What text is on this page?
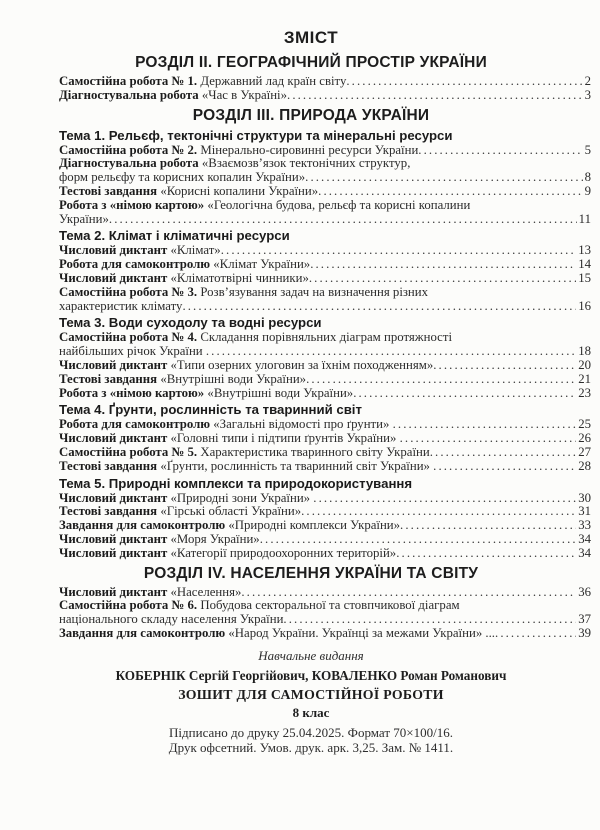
ЗМІСТ
РОЗДІЛ II. ГЕОГРАФІЧНИЙ ПРОСТІР УКРАЇНИ
Самостійна робота № 1. Державний лад країн світу .....	2
Діагностувальна робота «Час в Україні» .....	3
РОЗДІЛ III. ПРИРОДА УКРАЇНИ
Тема 1. Рельєф, тектонічні структури та мінеральні ресурси
Самостійна робота № 2. Мінерально-сировинні ресурси України .....	5
Діагностувальна робота «Взаємозв’язок тектонічних структур,
форм рельєфу та корисних копалин України» .....	8
Тестові завдання «Корисні копалини України» .....	9
Робота з «німою картою» «Геологічна будова, рельєф та корисні копалини
України» .....	11
Тема 2. Клімат і кліматичні ресурси
Числовий диктант «Клімат» .....	13
Робота для самоконтролю «Клімат України» .....	14
Числовий диктант «Кліматотвірні чинники» .....	15
Самостійна робота № 3. Розв’язування задач на визначення різних
характеристик клімату .....	16
Тема 3. Води суходолу та водні ресурси
Самостійна робота № 4. Складання порівняльних діаграм протяжності
найбільших річок України .....	18
Числовий диктант «Типи озерних улоговин за їхнім походженням» .....	20
Тестові завдання «Внутрішні води України» .....	21
Робота з «німою картою» «Внутрішні води України» .....	23
Тема 4. Ґрунти, рослинність та тваринний світ
Робота для самоконтролю «Загальні відомості про ґрунти» .....	25
Числовий диктант «Головні типи і підтипи ґрунтів України» .....	26
Самостійна робота № 5. Характеристика тваринного світу України .....	27
Тестові завдання «Ґрунти, рослинність та тваринний світ України» .....	28
Тема 5. Природні комплекси та природокористування
Числовий диктант «Природні зони України» .....	30
Тестові завдання «Гірські області України» .....	31
Завдання для самоконтролю «Природні комплекси України» .....	33
Числовий диктант «Моря України» .....	34
Числовий диктант «Категорії природоохоронних територій» .....	34
РОЗДІЛ IV. НАСЕЛЕННЯ УКРАЇНИ ТА СВІТУ
Числовий диктант «Населення» .....	36
Самостійна робота № 6. Побудова секторальної та стовпчикової діаграм
національного складу населення України .....	37
Завдання для самоконтролю «Народ України. Українці за межами України» ... .....	39
Навчальне видання
КОБЕРНІК Сергій Георгійович, КОВАЛЕНКО Роман Романович
ЗОШИТ ДЛЯ САМОСТІЙНОЇ РОБОТИ
8 клас
Підписано до друку 25.04.2025. Формат 70×100/16.
Друк офсетний. Умов. друк. арк. 3,25. Зам. № 1411.
